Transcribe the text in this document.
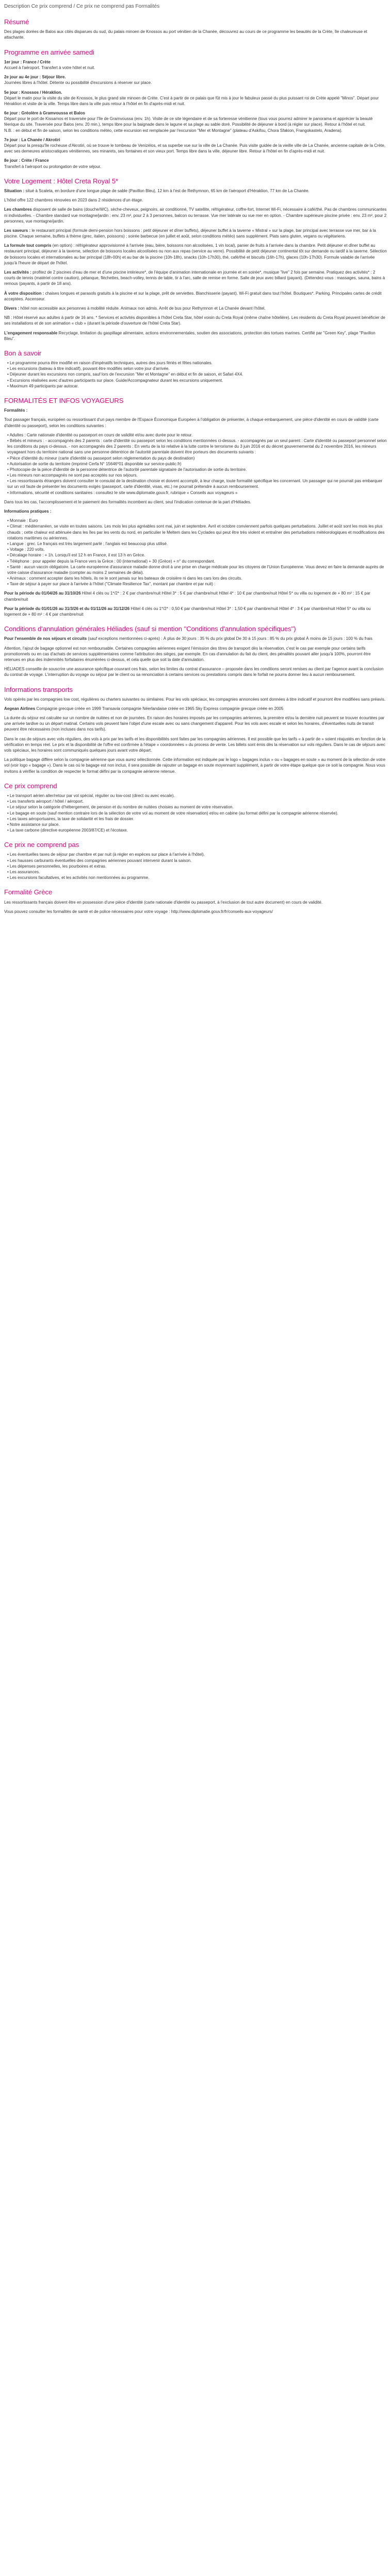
Description Ce prix comprend / Ce prix ne comprend pas Formalités
Résumé

Des plages dorées de Balos aux cités disparues du sud, du palais minoen de Knossos au port vénitien de la Chanée, découvrez au cours de ce programme les beautés de la Crète, île chaleureuse et attachante.

Programme en arrivée samedi

1er jour : France / Crète
Accueil à l'aéroport. Transfert à votre hôtel et nuit.

2e jour au 4e jour : Séjour libre.
Journées libres à l'hôtel. Détente ou possibilité d'excursions à réserver sur place.

5e jour : Knossos / Héraklion.
Départ le matin pour la visite du site de Knossos, le plus grand site minoen de Crète. C'est à partir de ce palais que fût mis à jour le fabuleux passé du plus puissant roi de Crète appelé "Minos". Départ pour Héraklion et visite de la ville. Temps libre dans la ville puis retour à l'hôtel en fin d'après-midi et nuit.

6e jour : Gréolère à Gramvoussa et Balos
Départ pour le port de Kissamos et traversée pour l'île de Gramvoussa (env. 1h). Visite de ce site légendaire et de sa forteresse vénitienne (tous vous pourrez admirer le panorama et apprécier la beauté féerique du site. Traversée pour Balos (env. 20 min.), temps libre pour la baignade dans le lagune et sa plage au sable doré. Possibilité de déjeuner à bord (à régler sur place). Retour à l'hôtel et nuit.
N.B. : en début et fin de saison, selon les conditions météo, cette excursion est remplacée par l'excursion "Mer et Montagne" (plateau d'Askifou, Chora Sfakion, Frangokastelo, Aradena).

7e jour : La Chanée / Akrotiri
Départ pour la presqu'île rocheuse d'Akrotiri, où se trouve le tombeau de Venizélos, et sa superbe vue sur la ville de La Chanée. Puis visite guidée de la vieille ville de La Chanée, ancienne capitale de la Crète, avec ses demeures aristocratiques vénitiennes, ses minarets, ses fontaines et son vieux port. Temps libre dans la ville, déjeuner libre. Retour à l'hôtel en fin d'après-midi et nuit.

8e jour : Crète / France
Transfert à l'aéroport ou prolongation de votre séjour.

Votre Logement : Hôtel Creta Royal 5*

Situation : situé à Scaleta, en bordure d'une longue plage de sable (Pavillon Bleu), 12 km à l'est de Rethymnon, 65 km de l'aéroport d'Héraklion, 77 km de La Chanée.

L'hôtel offre 122 chambres rénovées en 2023 dans 2 résidences d'un étage.

Les chambres disposent de salle de bains (douche/WC), sèche-cheveux, peignoirs, air conditionné, TV satellite, réfrigérateur, coffre-fort, Internet Wi-Fi, nécessaire à café/thé. Pas de chambres communicantes ni individuelles. - Chambre standard vue montagne/jardin : env. 23 m², pour 2 à 3 personnes, balcon ou terrasse. Vue mer latérale ou vue mer en option. - Chambre supérieure piscine privée : env. 23 m², pour 2 personnes, vue montagne/jardin.

Les saveurs : le restaurant principal (formule demi-pension hors boissons : petit déjeuner et dîner buffets), déjeuner buffet à la taverne « Mistral » sur la plage, bar principal avec terrasse vue mer, bar à la piscine. Chaque semaine, buffets à thème (grec, italien, poissons) ; soirée barbecue (en juillet et août, selon conditions météo) sans supplément. Plats sans gluten, vegans ou végétariens.

La formule tout compris (en option) : réfrigérateur approvisionné à l'arrivée (eau, bière, boissons non alcoolisées, 1 vin local), panier de fruits à l'arrivée dans la chambre. Petit déjeuner et dîner buffet au restaurant principal, déjeuner à la taverne, sélection de boissons locales alcoolisées ou non aux repas (service au verre). Possibilité de petit déjeuner continental tôt sur demande ou tardif à la taverne. Sélection de boissons locales et internationales au bar principal (18h-00h) et au bar de la piscine (10h-18h), snacks (10h-17h30), thé, café/thé et biscuits (16h-17h), glaces (10h-17h30). Formule valable de l'arrivée jusqu'à l'heure de départ de l'hôtel.

Les activités : profitez de 2 piscines d'eau de mer et d'une piscine intérieure*, de l'équipe d'animation internationale en journée et en soirée*, musique "live" 2 fois par semaine. Pratiquez des activités* : 2 courts de tennis (matériel contre caution), pétanque, fléchettes, beach-volley, tennis de table, tir à l'arc, salle de remise en forme. Salle de jeux avec billard (payant). (Détendez-vous : massages, sauna, bains à remous (payants, à partir de 18 ans).

À votre disposition : chaises longues et parasols gratuits à la piscine et sur la plage, prêt de serviettes. Blanchisserie (payant). Wi-Fi gratuit dans tout l'hôtel. Boutiques*. Parking. Principales cartes de crédit acceptées. Ascenseur.

Divers : hôtel non accessible aux personnes à mobilité réduite. Animaux non admis. Arrêt de bus pour Rethymnon et La Chanée devant l'hôtel.

NB : Hôtel réservé aux adultes à partir de 16 ans. * Services et activités disponibles à l'hôtel Creta Star, hôtel voisin du Creta Royal (même chaîne hôtelière). Les résidents du Creta Royal peuvent bénéficier de ses installations et de son animation « club » (durant la période d'ouverture de l'hôtel Creta Star).

L'engagement responsable Recyclage, limitation du gaspillage alimentaire, actions environnementales, soutien des associations, protection des tortues marines. Certifié par "Green Key", plage "Pavillon Bleu".

Bon à savoir
• Le programme pourra être modifié en raison d'impératifs techniques, autres des jours fériés et fêtes nationales.
• Les excursions (bateau à titre indicatif), pouvant être modifiés selon votre jour d'arrivée.
• Déjeuner durant les excursions non compris, sauf lors de l'excursion "Mer et Montagne" en début et fin de saison, et Safari 4X4.
• Excursions réalisées avec d'autres participants sur place. Guide/Accompagnateur durant les excursions uniquement.
• Maximum 49 participants par autocar.
FORMALITÉS ET INFOS VOYAGEURS

Formalités :

Tout passager français, européen ou ressortissant d'un pays membre de l'Espace Économique Européen à l'obligation de présenter, à chaque embarquement, une pièce d'identité en cours de validité (carte d'identité ou passeport), selon les conditions suivantes :

• Adultes : Carte nationale d'identité ou passeport en cours de validité et/ou avec durée pour le retour.
• Bébés et mineurs : - accompagnés des 2 parents : carte d'identité ou passeport selon les conditions mentionnées ci-dessus. - accompagnés par un seul parent : Carte d'identité ou passeport personnel selon les conditions du pays ci-dessus. - non accompagnés des 2 parents : En vertu de la loi relative à la lutte contre le terrorisme du 3 juin 2016 et du décret gouvernemental du 2 novembre 2016, les mineurs voyageant hors du territoire national sans une personne détentrice de l'autorité parentale doivent être porteurs des documents suivants :
• Pièce d'identité du mineur (carte d'identité ou passeport selon réglementation du pays de destination)
• Autorisation de sortie du territoire (imprimé Cerfa N° 15646*01 disponible sur service-public.fr)
• Photocopie de la pièce d'identité de la personne détentrice de l'autorité parentale signataire de l'autorisation de sortie du territoire.
• Les mineurs non accompagnés ne sont pas acceptés sur nos séjours.
• Les ressortissants étrangers doivent consulter le consulat de la destination choisie et doivent accomplir, à leur charge, toute formalité spécifique les concernant. Un passager qui ne pourrait pas embarquer sur un vol faute de présenter les documents exigés (passeport, carte d'identité, visas, etc.) ne pourrait prétendre à aucun remboursement.
• Informations, sécurité et conditions sanitaires : consultez le site www.diplomatie.gouv.fr, rubrique « Conseils aux voyageurs »

Dans tous les cas, l'accomplissement et le paiement des formalités incombent au client, seul l'indication contenue de la part d'Héliades.

Informations pratiques :

• Monnaie : Euro
• Climat : méditerranéen, se visite en toutes saisons. Les mois les plus agréables sont mai, juin et septembre. Avril et octobre conviennent parfois quelques perturbations. Juillet et août sont les mois les plus chauds ; cette chaleur est atténuée dans les îles par les vents du nord, en particulier le Meltem dans les Cyclades qui peut être très violent et entraîner des perturbations météorologiques et modifications des rotations maritimes ou aériennes.
• Langue : grec. Le français est très largement parlé ; l'anglais est beaucoup plus utilisé.
• Voltage : 220 volts.
• Décalage horaire : + 1h. Lorsqu'il est 12 h en France, il est 13 h en Grèce.
• Téléphone : pour appeler depuis la France vers la Grèce : 00 (international) + 30 (Grèce) + n° du correspondant.
• Santé : aucun vaccin obligatoire. La carte européenne d'assurance maladie donne droit à une prise en charge médicale pour les citoyens de l'Union Européenne. Vous devez en faire la demande auprès de votre caisse d'assurance maladie (compter au moins 2 semaines de délai).
• Animaux : comment accepter dans les hôtels, ils ne le sont jamais sur les bateaux de croisière ni dans les cars lors des circuits.
• Taxe de séjour à payer sur place à l'arrivée à l'hôtel ("Climate Resilience Tax", montant par chambre et par nuit) :

Pour la période du 01/04/26 au 31/10/26 Hôtel 4 clés ou 1*/2* : 2 € par chambre/nuit Hôtel 3* : 5 € par chambre/nuit Hôtel 4* : 10 € par chambre/nuit Hôtel 5* ou villa ou logement de + 80 m² : 15 € par chambre/nuit

Pour la période du 01/01/26 au 31/3/26 et du 01/11/26 au 31/12/26 Hôtel 4 clés ou 1*/2* : 0,50 € par chambre/nuit Hôtel 3* : 1,50 € par chambre/nuit Hôtel 4* : 3 € par chambre/nuit Hôtel 5* ou villa ou logement de + 80 m² : 4 € par chambre/nuit

Conditions d'annulation générales Héliades (sauf si mention "Conditions d'annulation spécifiques")

Pour l'ensemble de nos séjours et circuits (sauf exceptions mentionnées ci-après) : À plus de 30 jours : 35 % du prix global De 30 à 15 jours : 85 % du prix global À moins de 15 jours : 100 % du frais

Attention, l'ajout de bagage optionnel est non remboursable. Certaines compagnies aériennes exigent l'émission des titres de transport dès la réservation, c'est le cas par exemple pour certains tarifs promotionnels ou en cas d'achats de services supplémentaires comme l'attribution des sièges, par exemple. En cas d'annulation du fait du client, des pénalités pouvant aller jusqu'à 100%, pourront être retenues en plus des indemnités forfaitaires énumérées ci-dessus, et cela quelle que soit la date d'annulation.

HÉLIADES conseille de souscrire une assurance spécifique couvrant ces frais, selon les limites du contrat d'assurance – proposée dans les conditions seront remises au client par l'agence avant la conclusion du contrat de voyage. L'interruption du voyage ou séjour par le client ou sa renonciation à certains services ou prestations compris dans le forfait ne pourra donner lieu à aucun remboursement.

Informations transports

Vols opérés par les compagnies low cost, régulières ou charters suivantes ou similaires. Pour les vols spéciaux, les compagnies annoncées sont données à titre indicatif et pourront être modifiées sans préavis.

Aegean Airlines Compagnie grecque créée en 1999 Transavia compagnie Néerlandaise créée en 1965 Sky Express compagnie grecque créée en 2005

La durée du séjour est calculée sur un nombre de nuitées et non de journées. En raison des horaires imposés par les compagnies aériennes, la première et/ou la dernière nuit peuvent se trouver écourtées par une arrivée tardive ou un départ matinal. Certains vols peuvent faire l'objet d'une escale avec ou sans changement d'appareil. Pour les vols avec escale et selon les horaires, d'éventuelles nuits de transit peuvent être nécessaires (non incluses dans nos tarifs).

Dans le cas de séjours avec vols réguliers, des vols à prix par les tarifs et les disponibilités sont faites par les compagnies aériennes. Il est possible que les tarifs « à partir de » soient réajustés en fonction de la vérification en temps réel. Le prix et la disponibilité de l'offre est confirmée à l'étape « coordonnées » du process de vente. Les billets sont émis dès la réservation sur vols réguliers. Dans le cas de séjours avec vols spéciaux, les horaires sont communiqués quelques jours avant votre départ.

La politique bagage diffère selon la compagnie aérienne que vous aurez sélectionnée. Cette information est indiquée par le logo « bagages inclus » ou « bagages en soute » au moment de la sélection de votre vol (voir logo « bagage »). Dans le cas où le bagage est non inclus, il sera possible de rajouter un bagage en soute moyennant supplément, à partir de votre étape quelque que ce soit la compagnie. Nous vous invitons à vérifier la condition de respecter le format défini par la compagnie aérienne retenue.

Ce prix comprend
• Le transport aérien aller/retour par vol spécial, régulier ou low-cost (direct ou avec escale).
• Les transferts aéroport / hôtel / aéroport.
• Le séjour selon la catégorie d'hébergement, de pension et du nombre de nuitées choisies au moment de votre réservation.
• Le bagage en soute (sauf mention contraire lors de la sélection de votre vol au moment de votre réservation) et/ou en cabine (au format défini par la compagnie aérienne réservée).
• Les taxes aéroportuaires, la taxe de solidarité et les frais de dossier.
• Notre assistance sur place.
• La taxe carbone (directive européenne 2003/87/CE) et l'écotaxe.
Ce prix ne comprend pas
• Les éventuelles taxes de séjour par chambre et par nuit (à régler en espèces sur place à l'arrivée à l'hôtel).
• Les hausses carburants éventuelles des compagnies aériennes pouvant intervenir durant la saison.
• Les dépenses personnelles, les pourboires et extras.
• Les assurances.
• Les excursions facultatives, et les activités non mentionnées au programme.
Formalité Grèce

Les ressortissants français doivent être en possession d'une pièce d'identité (carte nationale d'identité ou passeport, à l'exclusion de tout autre document) en cours de validité.

Vous pouvez consulter les formalités de santé et de police nécessaires pour votre voyage : http://www.diplomatie.gouv.fr/fr/conseils-aux-voyageurs/
